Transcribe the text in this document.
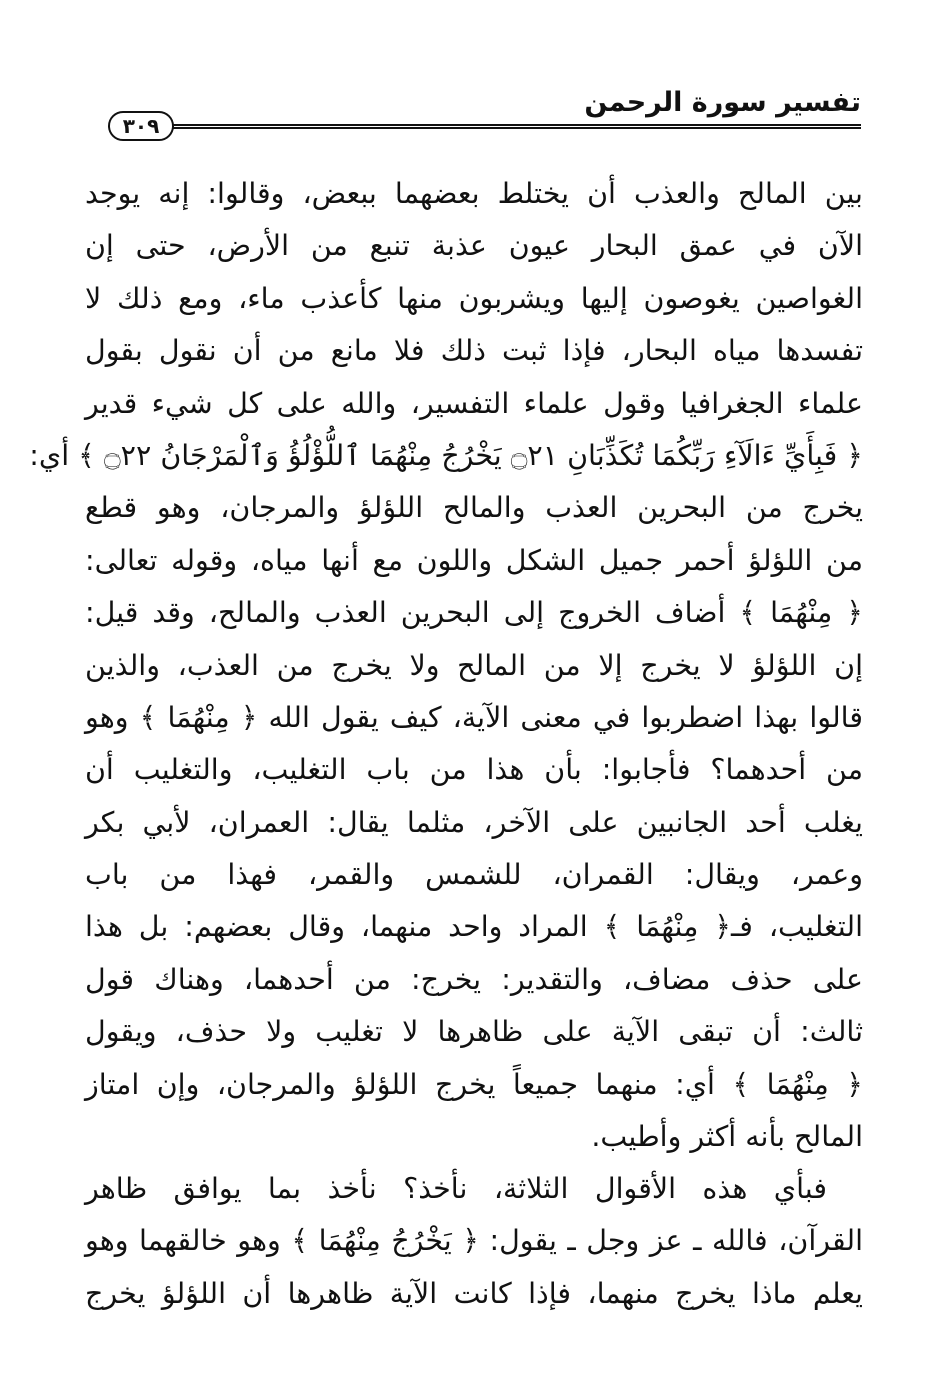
تفسير سورة الرحمن
٣٠٩
بين المالح والعذب أن يختلط بعضهما ببعض، وقالوا: إنه يوجد
الآن في عمق البحار عيون عذبة تنبع من الأرض، حتى إن
الغواصين يغوصون إليها ويشربون منها كأعذب ماء، ومع ذلك لا
تفسدها مياه البحار، فإذا ثبت ذلك فلا مانع من أن نقول بقول
علماء الجغرافيا وقول علماء التفسير، والله على كل شيء قدير
﴿ فَبِأَيِّ ءَالَآءِ رَبِّكُمَا تُكَذِّبَانِ ۝٢١ يَخْرُجُ مِنْهُمَا ٱللُّؤْلُؤُ وَٱلْمَرْجَانُ ۝٢٢ ﴾ أي:
يخرج من البحرين العذب والمالح اللؤلؤ والمرجان، وهو قطع
من اللؤلؤ أحمر جميل الشكل واللون مع أنها مياه، وقوله تعالى:
﴿ مِنْهُمَا ﴾ أضاف الخروج إلى البحرين العذب والمالح، وقد قيل:
إن اللؤلؤ لا يخرج إلا من المالح ولا يخرج من العذب، والذين
قالوا بهذا اضطربوا في معنى الآية، كيف يقول الله ﴿ مِنْهُمَا ﴾ وهو
من أحدهما؟ فأجابوا: بأن هذا من باب التغليب، والتغليب أن
يغلب أحد الجانبين على الآخر، مثلما يقال: العمران، لأبي بكر
وعمر، ويقال: القمران، للشمس والقمر، فهذا من باب
التغليب، فـ﴿ مِنْهُمَا ﴾ المراد واحد منهما، وقال بعضهم: بل هذا
على حذف مضاف، والتقدير: يخرج: من أحدهما، وهناك قول
ثالث: أن تبقى الآية على ظاهرها لا تغليب ولا حذف، ويقول
﴿ مِنْهُمَا ﴾ أي: منهما جميعاً يخرج اللؤلؤ والمرجان، وإن امتاز
المالح بأنه أكثر وأطيب.
فبأي هذه الأقوال الثلاثة، نأخذ؟ نأخذ بما يوافق ظاهر
القرآن، فالله ـ عز وجل ـ يقول: ﴿ يَخْرُجُ مِنْهُمَا ﴾ وهو خالقهما وهو
يعلم ماذا يخرج منهما، فإذا كانت الآية ظاهرها أن اللؤلؤ يخرج
